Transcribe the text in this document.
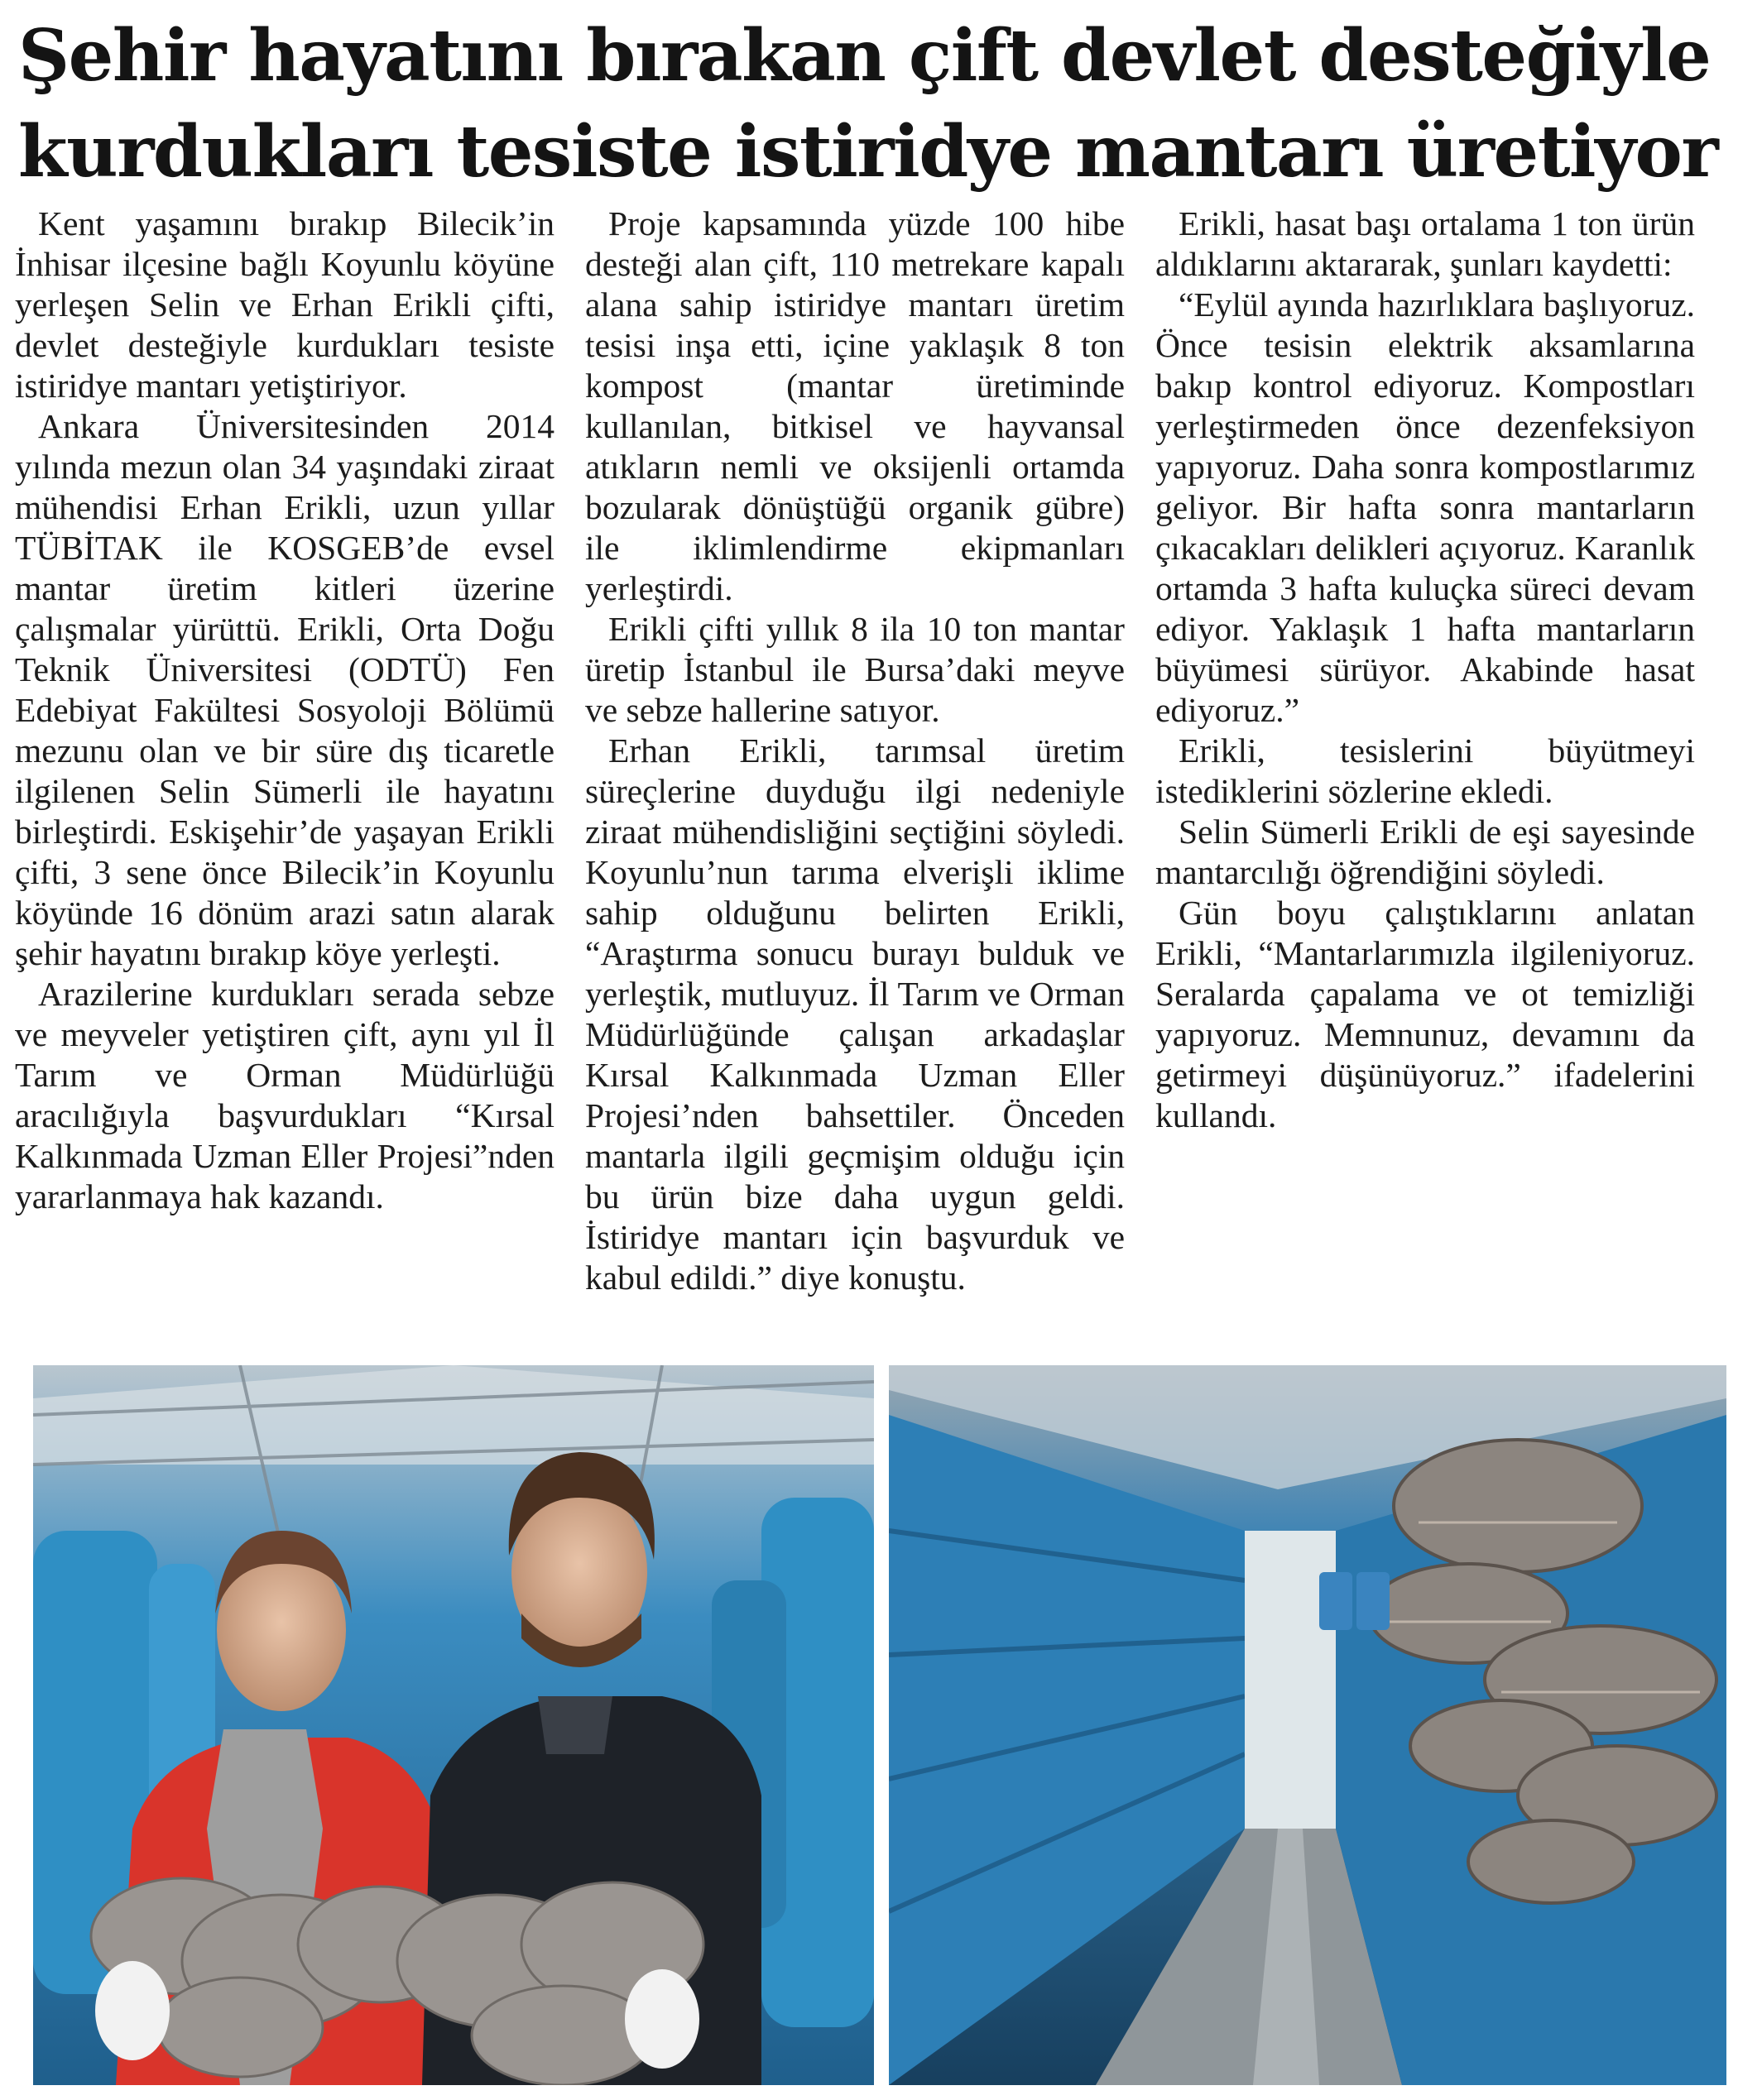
Şehir hayatını bırakan çift devlet desteğiyle
kurdukları tesiste istiridye mantarı üretiyor

Kent yaşamını bırakıp Bilecik’in İnhisar ilçesine bağlı Koyunlu köyüne yerleşen Selin ve Erhan Erikli çifti, devlet desteğiyle kurdukları tesiste istiridye mantarı yetiştiriyor.

Ankara Üniversitesinden 2014 yılında mezun olan 34 yaşındaki ziraat mühendisi Erhan Erikli, uzun yıllar TÜBİTAK ile KOSGEB’de evsel mantar üretim kitleri üzerine çalışmalar yürüttü. Erikli, Orta Doğu Teknik Üniversitesi (ODTÜ) Fen Edebiyat Fakültesi Sosyoloji Bölümü mezunu olan ve bir süre dış ticaretle ilgilenen Selin Sümerli ile hayatını birleştirdi. Eskişehir’de yaşayan Erikli çifti, 3 sene önce Bilecik’in Koyunlu köyünde 16 dönüm arazi satın alarak şehir hayatını bırakıp köye yerleşti.

Arazilerine kurdukları serada sebze ve meyveler yetiştiren çift, aynı yıl İl Tarım ve Orman Müdürlüğü aracılığıyla başvurdukları “Kırsal Kalkınmada Uzman Eller Projesi”nden yararlanmaya hak kazandı.

Proje kapsamında yüzde 100 hibe desteği alan çift, 110 metrekare kapalı alana sahip istiridye mantarı üretim tesisi inşa etti, içine yaklaşık 8 ton kompost (mantar üretiminde kullanılan, bitkisel ve hayvansal atıkların nemli ve oksijenli ortamda bozularak dönüştüğü organik gübre) ile iklimlendirme ekipmanları yerleştirdi.

Erikli çifti yıllık 8 ila 10 ton mantar üretip İstanbul ile Bursa’daki meyve ve sebze hallerine satıyor.

Erhan Erikli, tarımsal üretim süreçlerine duyduğu ilgi nedeniyle ziraat mühendisliğini seçtiğini söyledi. Koyunlu’nun tarıma elverişli iklime sahip olduğunu belirten Erikli, “Araştırma sonucu burayı bulduk ve yerleştik, mutluyuz. İl Tarım ve Orman Müdürlüğünde çalışan arkadaşlar Kırsal Kalkınmada Uzman Eller Projesi’nden bahsettiler. Önceden mantarla ilgili geçmişim olduğu için bu ürün bize daha uygun geldi. İstiridye mantarı için başvurduk ve kabul edildi.” diye konuştu.

Erikli, hasat başı ortalama 1 ton ürün aldıklarını aktararak, şunları kaydetti:

“Eylül ayında hazırlıklara başlıyoruz. Önce tesisin elektrik aksamlarına bakıp kontrol ediyoruz. Kompostları yerleştirmeden önce dezenfeksiyon yapıyoruz. Daha sonra kompostlarımız geliyor. Bir hafta sonra mantarların çıkacakları delikleri açıyoruz. Karanlık ortamda 3 hafta kuluçka süreci devam ediyor. Yaklaşık 1 hafta mantarların büyümesi sürüyor. Akabinde hasat ediyoruz.”

Erikli, tesislerini büyütmeyi istediklerini sözlerine ekledi.

Selin Sümerli Erikli de eşi sayesinde mantarcılığı öğrendiğini söyledi.

Gün boyu çalıştıklarını anlatan Erikli, “Mantarlarımızla ilgileniyoruz. Seralarda çapalama ve ot temizliği yapıyoruz. Memnunuz, devamını da getirmeyi düşünüyoruz.” ifadelerini kullandı.
